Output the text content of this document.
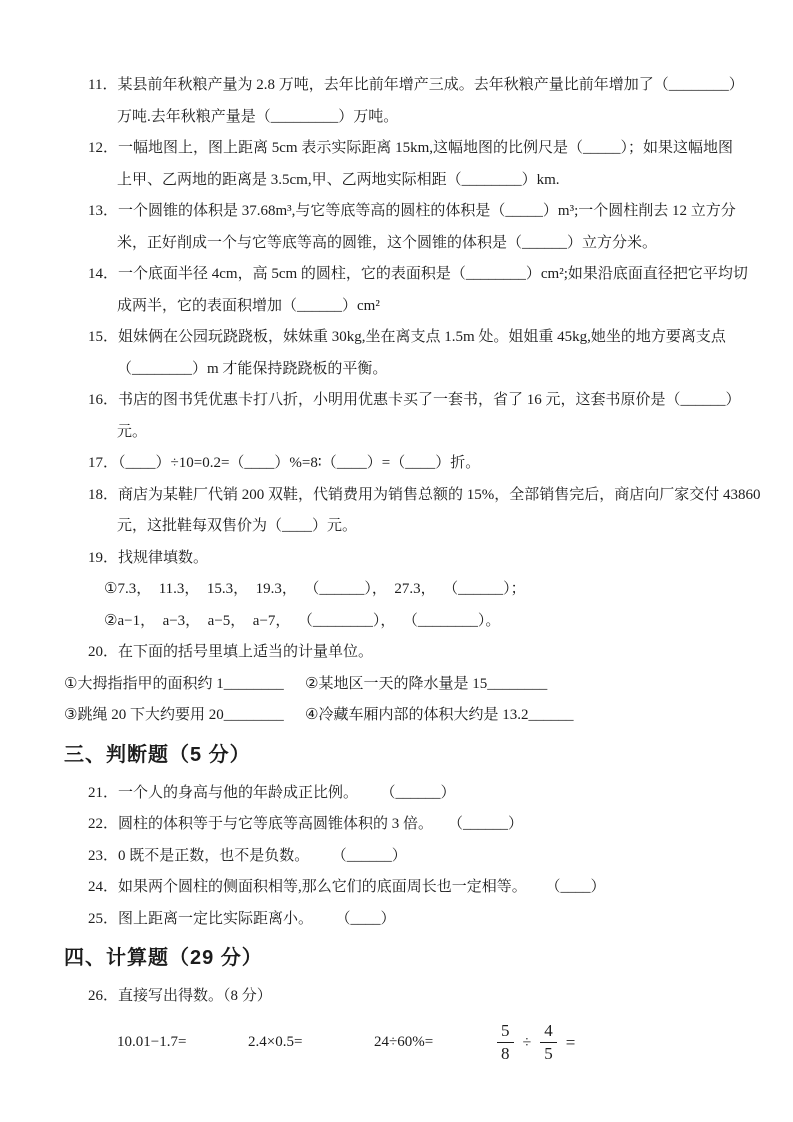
11．某县前年秋粮产量为 2.8 万吨，去年比前年增产三成。去年秋粮产量比前年增加了（________）
万吨.去年秋粮产量是（_________）万吨。
12．一幅地图上，图上距离 5cm 表示实际距离 15km,这幅地图的比例尺是（_____）；如果这幅地图
上甲、乙两地的距离是 3.5cm,甲、乙两地实际相距（________）km.
13．一个圆锥的体积是 37.68m³,与它等底等高的圆柱的体积是（_____）m³;一个圆柱削去 12 立方分
米，正好削成一个与它等底等高的圆锥，这个圆锥的体积是（______）立方分米。
14．一个底面半径 4cm，高 5cm 的圆柱，它的表面积是（________）cm²;如果沿底面直径把它平均切
成两半，它的表面积增加（______）cm²
15．姐妹俩在公园玩跷跷板，妹妹重 30kg,坐在离支点 1.5m 处。姐姐重 45kg,她坐的地方要离支点
（________）m 才能保持跷跷板的平衡。
16．书店的图书凭优惠卡打八折，小明用优惠卡买了一套书，省了 16 元，这套书原价是（______）
元。
17．（____）÷10=0.2=（____）%=8∶（____）=（____）折。
18．商店为某鞋厂代销 200 双鞋，代销费用为销售总额的 15%，全部销售完后，商店向厂家交付 43860
元，这批鞋每双售价为（____）元。
19．找规律填数。
①7.3，  11.3，  15.3，  19.3，  （______），  27.3，  （______）；
②a−1，  a−3，  a−5，  a−7，  （________），  （________）。
20．在下面的括号里填上适当的计量单位。
①大拇指指甲的面积约 1________ ②某地区一天的降水量是 15________
③跳绳 20 下大约要用 20________ ④冷藏车厢内部的体积大约是 13.2______
三、判断题（5 分）
21．一个人的身高与他的年龄成正比例。      （______）
22．圆柱的体积等于与它等底等高圆锥体积的 3 倍。    （______）
23．0 既不是正数，也不是负数。      （______）
24．如果两个圆柱的侧面积相等,那么它们的底面周长也一定相等。     （____）
25．图上距离一定比实际距离小。      （____）
四、计算题（29 分）
26．直接写出得数。（8 分）
10.01−1.7=	2.4×0.5=	24÷60%=	$\frac{5}{8} \div \frac{4}{5}$ =
